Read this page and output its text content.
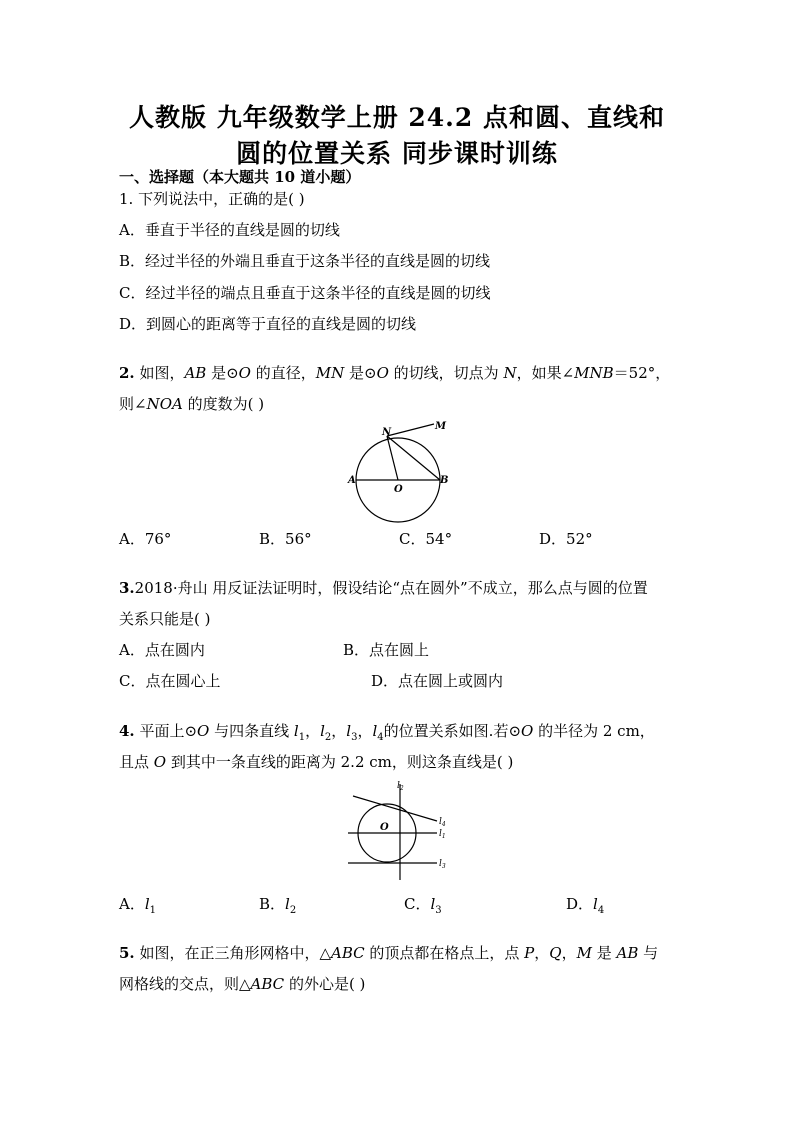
人教版 九年级数学上册 24.2 点和圆、直线和
圆的位置关系 同步课时训练
一、选择题（本大题共 10 道小题）
1. 下列说法中，正确的是( )
A．垂直于半径的直线是圆的切线
B．经过半径的外端且垂直于这条半径的直线是圆的切线
C．经过半径的端点且垂直于这条半径的直线是圆的切线
D．到圆心的距离等于直径的直线是圆的切线
2. 如图，AB 是⊙O 的直径，MN 是⊙O 的切线，切点为 N，如果∠MNB＝52°，
则∠NOA 的度数为( )
N
M
A
O
B
A．76°	B．56°	C．54°	D．52°
3.2018·舟山 用反证法证明时，假设结论“点在圆外”不成立，那么点与圆的位置
关系只能是( )
A．点在圆内	B．点在圆上
C．点在圆心上	D．点在圆上或圆内
4. 平面上⊙O 与四条直线 $l_1$，$l_2$，$l_3$，$l_4$的位置关系如图.若⊙O 的半径为 2 cm，
且点 O 到其中一条直线的距离为 2.2 cm，则这条直线是( )
O
$l_2$
$l_4$
$l_1$
$l_3$
A．$l_1$	B．$l_2$	C．$l_3$	D．$l_4$
5. 如图，在正三角形网格中，△ABC 的顶点都在格点上，点 P，Q，M 是 AB 与
网格线的交点，则△ABC 的外心是( )
